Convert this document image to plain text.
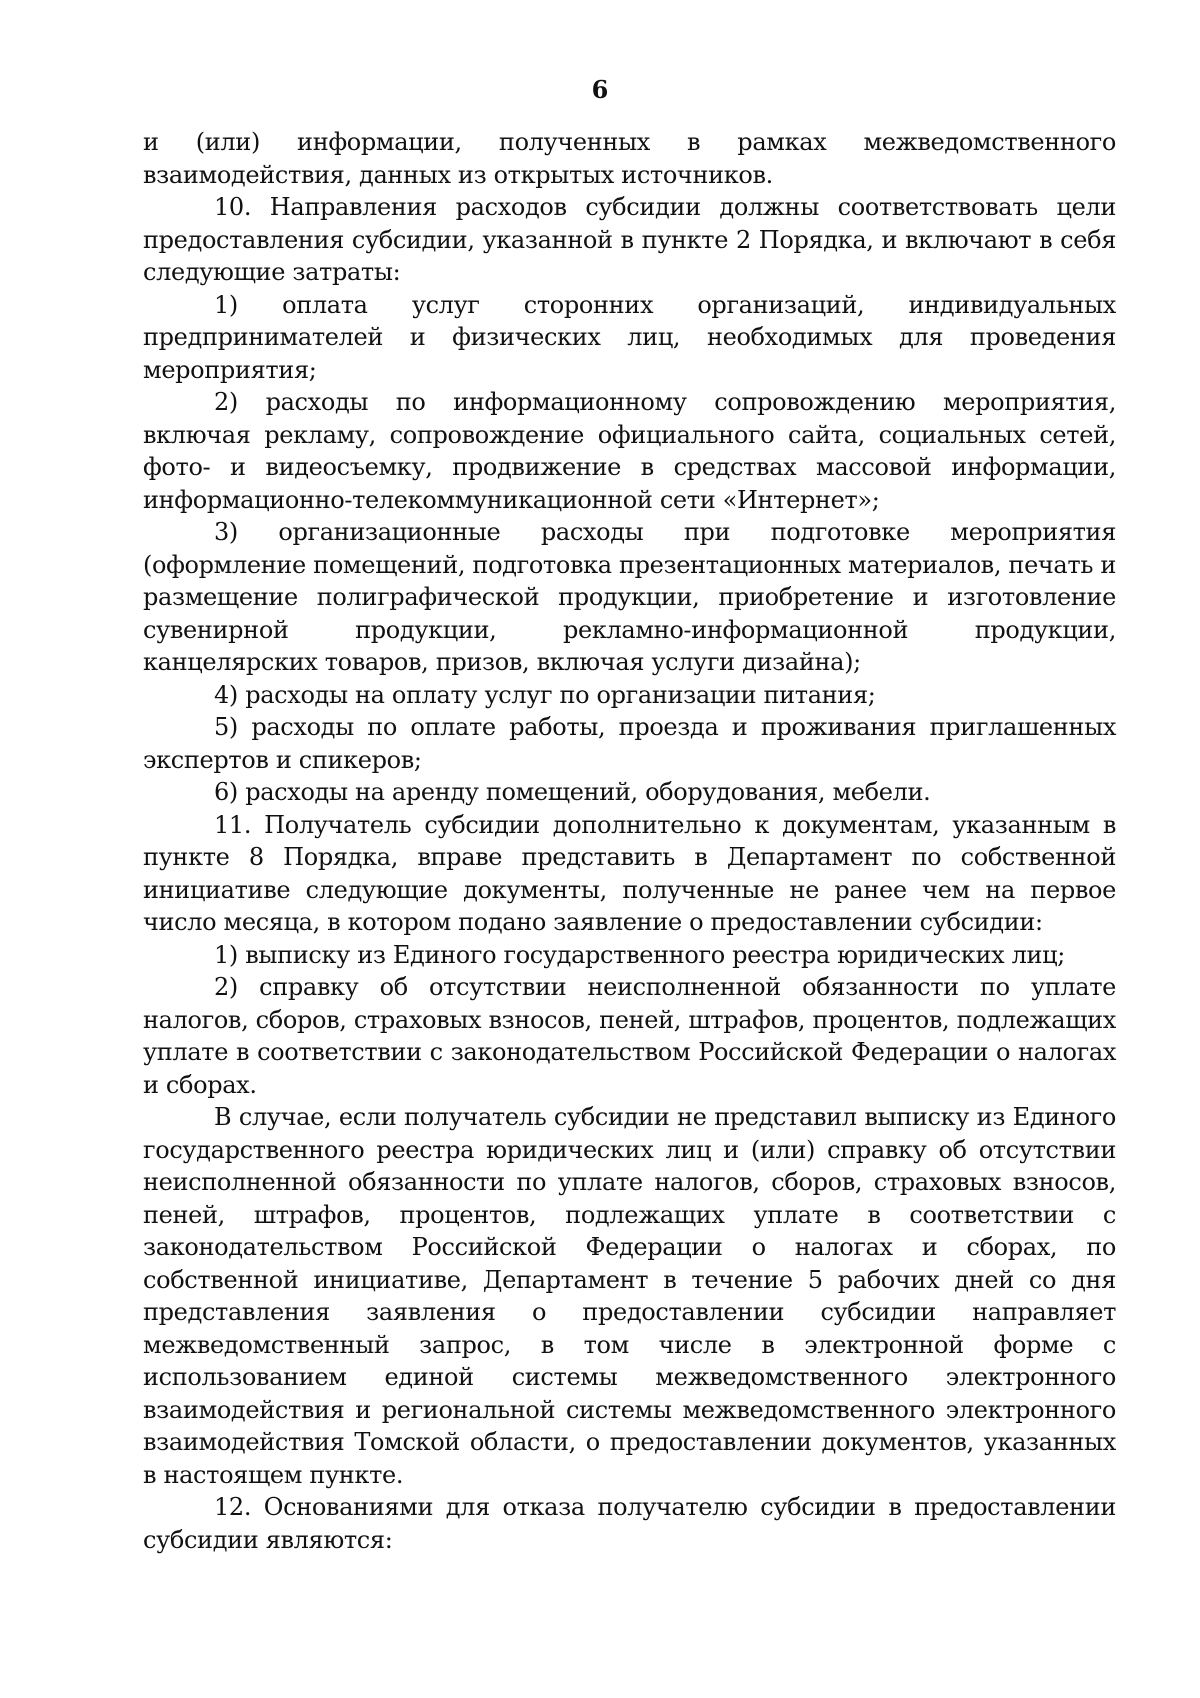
6

и (или) информации, полученных в рамках межведомственного взаимодействия, данных из открытых источников.

10. Направления расходов субсидии должны соответствовать цели предоставления субсидии, указанной в пункте 2 Порядка, и включают в себя следующие затраты:

1) оплата услуг сторонних организаций, индивидуальных предпринимателей и физических лиц, необходимых для проведения мероприятия;

2) расходы по информационному сопровождению мероприятия, включая рекламу, сопровождение официального сайта, социальных сетей, фото- и видеосъемку, продвижение в средствах массовой информации, информационно-телекоммуникационной сети «Интернет»;

3) организационные расходы при подготовке мероприятия (оформление помещений, подготовка презентационных материалов, печать и размещение полиграфической продукции, приобретение и изготовление сувенирной продукции, рекламно-информационной продукции, канцелярских товаров, призов, включая услуги дизайна);

4) расходы на оплату услуг по организации питания;

5) расходы по оплате работы, проезда и проживания приглашенных экспертов и спикеров;

6) расходы на аренду помещений, оборудования, мебели.

11. Получатель субсидии дополнительно к документам, указанным в пункте 8 Порядка, вправе представить в Департамент по собственной инициативе следующие документы, полученные не ранее чем на первое число месяца, в котором подано заявление о предоставлении субсидии:

1) выписку из Единого государственного реестра юридических лиц;

2) справку об отсутствии неисполненной обязанности по уплате налогов, сборов, страховых взносов, пеней, штрафов, процентов, подлежащих уплате в соответствии с законодательством Российской Федерации о налогах и сборах.

В случае, если получатель субсидии не представил выписку из Единого государственного реестра юридических лиц и (или) справку об отсутствии неисполненной обязанности по уплате налогов, сборов, страховых взносов, пеней, штрафов, процентов, подлежащих уплате в соответствии с законодательством Российской Федерации о налогах и сборах, по собственной инициативе, Департамент в течение 5 рабочих дней со дня представления заявления о предоставлении субсидии направляет межведомственный запрос, в том числе в электронной форме с использованием единой системы межведомственного электронного взаимодействия и региональной системы межведомственного электронного взаимодействия Томской области, о предоставлении документов, указанных в настоящем пункте.

12. Основаниями для отказа получателю субсидии в предоставлении субсидии являются:
